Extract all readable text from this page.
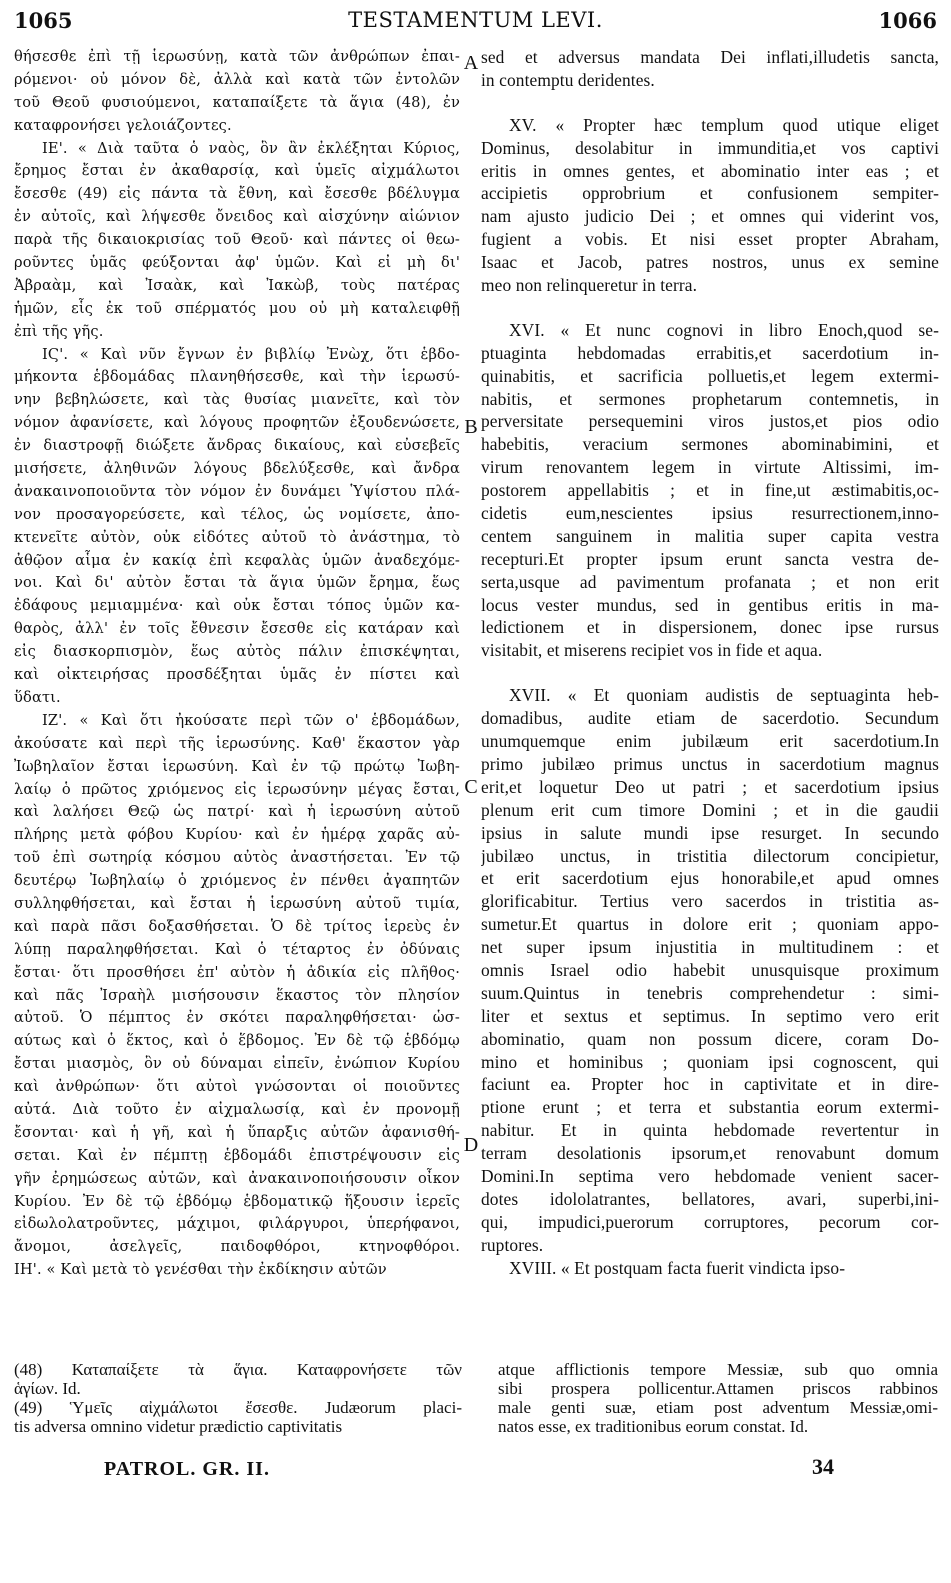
1065	TESTAMENTUM LEVI.	1066
θήσεσθε ἐπὶ τῇ ἱερωσύνῃ, κατὰ τῶν ἀνθρώπων ἐπαι-
ρόμενοι· οὐ μόνον δὲ, ἀλλὰ καὶ κατὰ τῶν ἐντολῶν
τοῦ Θεοῦ φυσιούμενοι, καταπαίξετε τὰ ἅγια (48), ἐν
καταφρονήσει γελοιάζοντες.
ΙΕ'. « Διὰ ταῦτα ὁ ναὸς, ὃν ἂν ἐκλέξηται Κύριος,
ἔρημος ἔσται ἐν ἀκαθαρσίᾳ, καὶ ὑμεῖς αἰχμάλωτοι
ἔσεσθε (49) εἰς πάντα τὰ ἔθνη, καὶ ἔσεσθε βδέλυγμα
ἐν αὐτοῖς, καὶ λήψεσθε ὄνειδος καὶ αἰσχύνην αἰώνιον
παρὰ τῆς δικαιοκρισίας τοῦ Θεοῦ· καὶ πάντες οἱ θεω-
ροῦντες ὑμᾶς φεύξονται ἀφ' ὑμῶν. Καὶ εἰ μὴ δι'
Ἀβραὰμ, καὶ Ἰσαὰκ, καὶ Ἰακὼβ, τοὺς πατέρας
ἡμῶν, εἷς ἐκ τοῦ σπέρματός μου οὐ μὴ καταλειφθῇ
ἐπὶ τῆς γῆς.
ΙϚ'. « Καὶ νῦν ἔγνων ἐν βιβλίῳ Ἐνὼχ, ὅτι ἑβδο-
μήκοντα ἑβδομάδας πλανηθήσεσθε, καὶ τὴν ἱερωσύ-
νην βεβηλώσετε, καὶ τὰς θυσίας μιανεῖτε, καὶ τὸν
νόμον ἀφανίσετε, καὶ λόγους προφητῶν ἐξουδενώσετε,
ἐν διαστροφῇ διώξετε ἄνδρας δικαίους, καὶ εὐσεβεῖς
μισήσετε, ἀληθινῶν λόγους βδελύξεσθε, καὶ ἄνδρα
ἀνακαινοποιοῦντα τὸν νόμον ἐν δυνάμει Ὑψίστου πλά-
νον προσαγορεύσετε, καὶ τέλος, ὡς νομίσετε, ἀπο-
κτενεῖτε αὐτὸν, οὐκ εἰδότες αὐτοῦ τὸ ἀνάστημα, τὸ
ἀθῷον αἷμα ἐν κακίᾳ ἐπὶ κεφαλὰς ὑμῶν ἀναδεχόμε-
νοι. Καὶ δι' αὐτὸν ἔσται τὰ ἅγια ὑμῶν ἔρημα, ἕως
ἐδάφους μεμιαμμένα· καὶ οὐκ ἔσται τόπος ὑμῶν κα-
θαρὸς, ἀλλ' ἐν τοῖς ἔθνεσιν ἔσεσθε εἰς κατάραν καὶ
εἰς διασκορπισμὸν, ἕως αὐτὸς πάλιν ἐπισκέψηται,
καὶ οἰκτειρήσας προσδέξηται ὑμᾶς ἐν πίστει καὶ
ὕδατι.
ΙΖ'. « Καὶ ὅτι ἠκούσατε περὶ τῶν ο' ἑβδομάδων,
ἀκούσατε καὶ περὶ τῆς ἱερωσύνης. Καθ' ἕκαστον γὰρ
Ἰωβηλαῖον ἔσται ἱερωσύνη. Καὶ ἐν τῷ πρώτῳ Ἰωβη-
λαίῳ ὁ πρῶτος χριόμενος εἰς ἱερωσύνην μέγας ἔσται,
καὶ λαλήσει Θεῷ ὡς πατρί· καὶ ἡ ἱερωσύνη αὐτοῦ
πλήρης μετὰ φόβου Κυρίου· καὶ ἐν ἡμέρᾳ χαρᾶς αὐ-
τοῦ ἐπὶ σωτηρίᾳ κόσμου αὐτὸς ἀναστήσεται. Ἐν τῷ
δευτέρῳ Ἰωβηλαίῳ ὁ χριόμενος ἐν πένθει ἀγαπητῶν
συλληφθήσεται, καὶ ἔσται ἡ ἱερωσύνη αὐτοῦ τιμία,
καὶ παρὰ πᾶσι δοξασθήσεται. Ὁ δὲ τρίτος ἱερεὺς ἐν
λύπῃ παραληφθήσεται. Καὶ ὁ τέταρτος ἐν ὀδύναις
ἔσται· ὅτι προσθήσει ἐπ' αὐτὸν ἡ ἀδικία εἰς πλῆθος·
καὶ πᾶς Ἰσραὴλ μισήσουσιν ἕκαστος τὸν πλησίον
αὐτοῦ. Ὁ πέμπτος ἐν σκότει παραληφθήσεται· ὡσ-
αύτως καὶ ὁ ἕκτος, καὶ ὁ ἕβδομος. Ἐν δὲ τῷ ἑβδόμῳ
ἔσται μιασμὸς, ὃν οὐ δύναμαι εἰπεῖν, ἐνώπιον Κυρίου
καὶ ἀνθρώπων· ὅτι αὐτοὶ γνώσονται οἱ ποιοῦντες
αὐτά. Διὰ τοῦτο ἐν αἰχμαλωσίᾳ, καὶ ἐν προνομῇ
ἔσονται· καὶ ἡ γῆ, καὶ ἡ ὕπαρξις αὐτῶν ἀφανισθή-
σεται. Καὶ ἐν πέμπτῃ ἑβδομάδι ἐπιστρέψουσιν εἰς
γῆν ἐρημώσεως αὐτῶν, καὶ ἀνακαινοποιήσουσιν οἶκον
Κυρίου. Ἐν δὲ τῷ ἑβδόμῳ ἑβδοματικῷ ἥξουσιν ἱερεῖς
εἰδωλολατροῦντες, μάχιμοι, φιλάργυροι, ὑπερήφανοι,
ἄνομοι, ἀσελγεῖς, παιδοφθόροι, κτηνοφθόροι.
ΙΗ'. « Καὶ μετὰ τὸ γενέσθαι τὴν ἐκδίκησιν αὐτῶν
sed et adversus mandata Dei inflati,illudetis sancta,
in contemptu deridentes.
XV. « Propter hæc templum quod utique eliget
Dominus, desolabitur in immunditia,et vos captivi
eritis in omnes gentes, et abominatio inter eas ; et
accipietis opprobrium et confusionem sempiter-
nam ajusto judicio Dei ; et omnes qui viderint vos,
fugient a vobis. Et nisi esset propter Abraham,
Isaac et Jacob, patres nostros, unus ex semine
meo non relinqueretur in terra.
XVI. « Et nunc cognovi in libro Enoch,quod se-
ptuaginta hebdomadas errabitis,et sacerdotium in-
quinabitis, et sacrificia polluetis,et legem extermi-
nabitis, et sermones prophetarum contemnetis, in
perversitate persequemini viros justos,et pios odio
habebitis, veracium sermones abominabimini, et
virum renovantem legem in virtute Altissimi, im-
postorem appellabitis ; et in fine,ut æstimabitis,oc-
cidetis eum,nescientes ipsius resurrectionem,inno-
centem sanguinem in malitia super capita vestra
recepturi.Et propter ipsum erunt sancta vestra de-
serta,usque ad pavimentum profanata ; et non erit
locus vester mundus, sed in gentibus eritis in ma-
ledictionem et in dispersionem, donec ipse rursus
visitabit, et miserens recipiet vos in fide et aqua.
XVII. « Et quoniam audistis de septuaginta heb-
domadibus, audite etiam de sacerdotio. Secundum
unumquemque enim jubilæum erit sacerdotium.In
primo jubilæo primus unctus in sacerdotium magnus
erit,et loquetur Deo ut patri ; et sacerdotium ipsius
plenum erit cum timore Domini ; et in die gaudii
ipsius in salute mundi ipse resurget. In secundo
jubilæo unctus, in tristitia dilectorum concipietur,
et erit sacerdotium ejus honorabile,et apud omnes
glorificabitur. Tertius vero sacerdos in tristitia as-
sumetur.Et quartus in dolore erit ; quoniam appo-
net super ipsum injustitia in multitudinem : et
omnis Israel odio habebit unusquisque proximum
suum.Quintus in tenebris comprehendetur : simi-
liter et sextus et septimus. In septimo vero erit
abominatio, quam non possum dicere, coram Do-
mino et hominibus ; quoniam ipsi cognoscent, qui
faciunt ea. Propter hoc in captivitate et in dire-
ptione erunt ; et terra et substantia eorum extermi-
nabitur. Et in quinta hebdomade revertentur in
terram desolationis ipsorum,et renovabunt domum
Domini.In septima vero hebdomade venient sacer-
dotes idololatrantes, bellatores, avari, superbi,ini-
qui, impudici,puerorum corruptores, pecorum cor-
ruptores.
XVIII. « Et postquam facta fuerit vindicta ipso-
A
B
C
D
(48) Καταπαίξετε τὰ ἅγια. Καταφρονήσετε τῶν
ἁγίων. Id.
(49) Ὑμεῖς αἰχμάλωτοι ἔσεσθε. Judæorum placi-
tis adversa omnino videtur prædictio captivitatis
atque afflictionis tempore Messiæ, sub quo omnia
sibi prospera pollicentur.Attamen priscos rabbinos
male genti suæ, etiam post adventum Messiæ,omi-
natos esse, ex traditionibus eorum constat. Id.
PATROL. GR. II.	34
